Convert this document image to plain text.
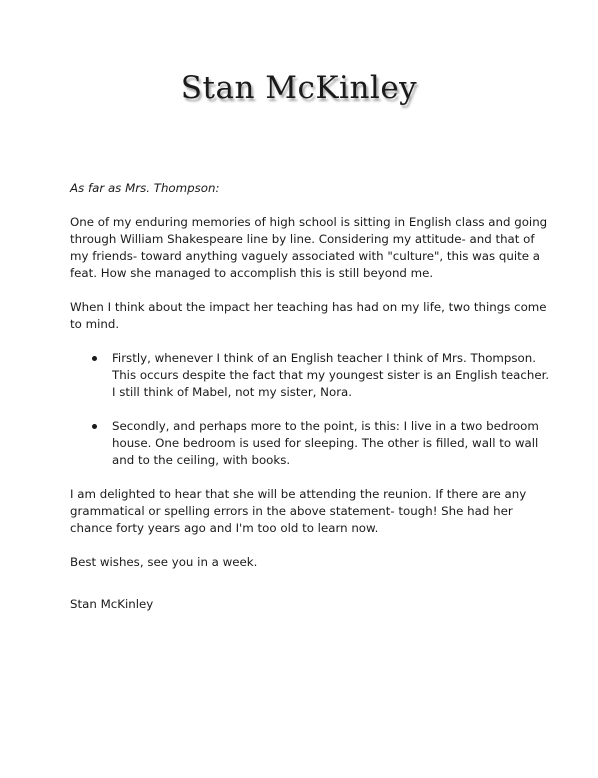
Stan McKinley

As far as Mrs. Thompson:

One of my enduring memories of high school is sitting in English class and going through William Shakespeare line by line. Considering my attitude- and that of my friends- toward anything vaguely associated with "culture", this was quite a feat. How she managed to accomplish this is still beyond me.

When I think about the impact her teaching has had on my life, two things come to mind.

Firstly, whenever I think of an English teacher I think of Mrs. Thompson. This occurs despite the fact that my youngest sister is an English teacher. I still think of Mabel, not my sister, Nora.
Secondly, and perhaps more to the point, is this: I live in a two bedroom house. One bedroom is used for sleeping. The other is filled, wall to wall and to the ceiling, with books.

I am delighted to hear that she will be attending the reunion. If there are any grammatical or spelling errors in the above statement- tough! She had her chance forty years ago and I'm too old to learn now.

Best wishes, see you in a week.

Stan McKinley
